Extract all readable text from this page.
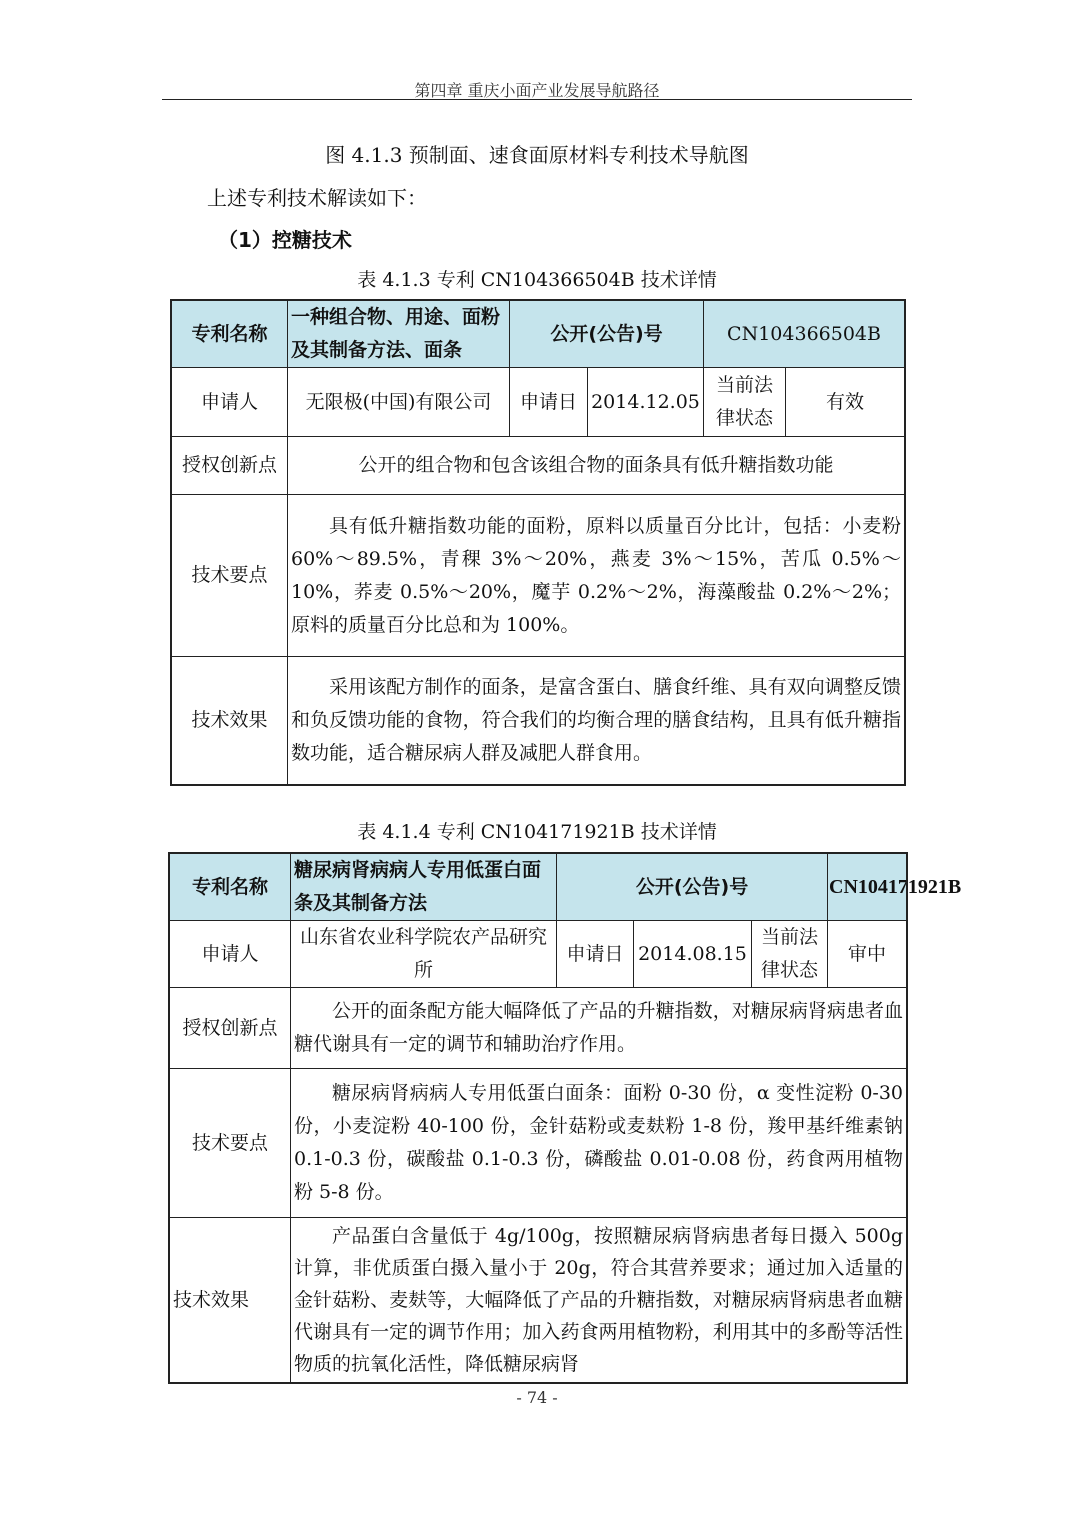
第四章 重庆小面产业发展导航路径
图 4.1.3 预制面、速食面原材料专利技术导航图
上述专利技术解读如下：
（1）控糖技术
表 4.1.3 专利 CN104366504B 技术详情
专利名称	一种组合物、用途、面粉及其制备方法、面条	公开(公告)号		CN104366504B	
申请人	无限极(中国)有限公司	申请日	2014.12.05	当前法律状态	有效
授权创新点	公开的组合物和包含该组合物的面条具有低升糖指数功能				
技术要点	具有低升糖指数功能的面粉，原料以质量百分比计，包括：小麦粉 60%～89.5%，青稞 3%～20%，燕麦 3%～15%，苦瓜 0.5%～10%，荞麦 0.5%～20%，魔芋 0.2%～2%，海藻酸盐 0.2%～2%；原料的质量百分比总和为 100%。				
技术效果	采用该配方制作的面条，是富含蛋白、膳食纤维、具有双向调整反馈和负反馈功能的食物，符合我们的均衡合理的膳食结构，且具有低升糖指数功能，适合糖尿病人群及减肥人群食用。				
表 4.1.4 专利 CN104171921B 技术详情
专利名称	糖尿病肾病病人专用低蛋白面条及其制备方法	公开(公告)号			CN104171921B
申请人	山东省农业科学院农产品研究所	申请日	2014.08.15	当前法律状态	审中
授权创新点	公开的面条配方能大幅降低了产品的升糖指数，对糖尿病肾病患者血糖代谢具有一定的调节和辅助治疗作用。				
技术要点	糖尿病肾病病人专用低蛋白面条：面粉 0-30 份，α 变性淀粉 0-30 份，小麦淀粉 40-100 份，金针菇粉或麦麸粉 1-8 份，羧甲基纤维素钠 0.1-0.3 份，碳酸盐 0.1-0.3 份，磷酸盐 0.01-0.08 份，药食两用植物粉 5-8 份。				
技术效果	产品蛋白含量低于 4g/100g，按照糖尿病肾病患者每日摄入 500g 计算，非优质蛋白摄入量小于 20g，符合其营养要求；通过加入适量的金针菇粉、麦麸等，大幅降低了产品的升糖指数，对糖尿病肾病患者血糖代谢具有一定的调节作用；加入药食两用植物粉，利用其中的多酚等活性物质的抗氧化活性，降低糖尿病肾				
- 74 -
